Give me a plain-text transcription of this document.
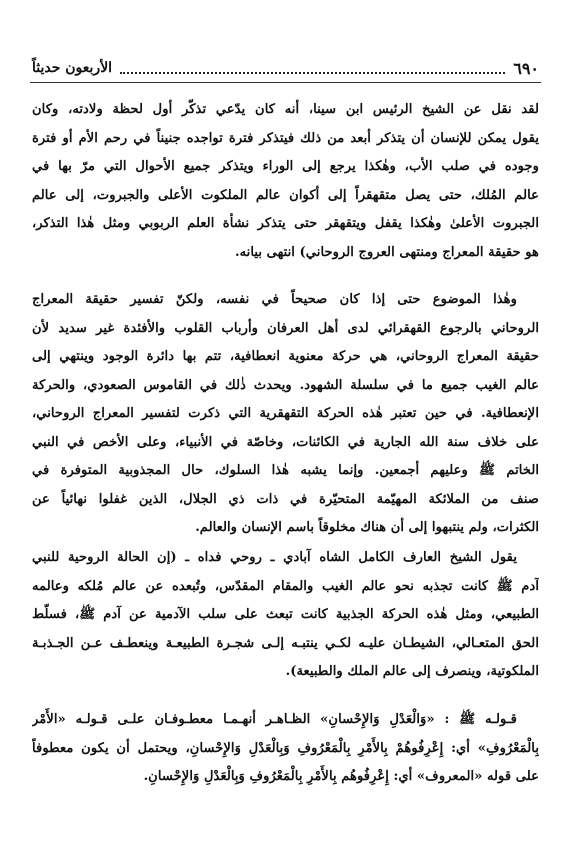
٦٩٠
الأربعون حديثاً
لقد نقل عن الشيخ الرئيس ابن سينا، أنه كان يدّعي تذكّر أول لحظة ولادته، وكان
يقول يمكن للإنسان أن يتذكر أبعد من ذلك فيتذكر فترة تواجده جنيناً في رحم الأم أو فترة
وجوده في صلب الأب، وهٰكذا يرجع إلى الوراء ويتذكر جميع الأحوال التي مرّ بها في
عالم المُلك، حتى يصل متقهقراً إلى أكوان عالم الملكوت الأعلى والجبروت، إلى عالم
الجبروت الأعلىٰ وهٰكذا يقفل ويتقهقر حتى يتذكر نشأة العلم الربوبي ومثل هٰذا التذكر،
هو حقيقة المعراج ومنتهى العروج الروحاني) انتهى بيانه.
وهٰذا الموضوع حتى إذا كان صحيحاً في نفسه، ولكنّ تفسير حقيقة المعراج
الروحاني بالرجوع القهقرائي لدى أهل العرفان وأرباب القلوب والأفئدة غير سديد لأن
حقيقة المعراج الروحاني، هي حركة معنوية انعطافية، تتم بها دائرة الوجود وينتهي إلى
عالم الغيب جميع ما في سلسلة الشهود. ويحدث ذٰلك في القاموس الصعودي، والحركة
الإنعطافية. في حين تعتبر هٰذه الحركة التقهقرية التي ذكرت لتفسير المعراج الروحاني،
على خلاف سنة الله الجارية في الكائنات، وخاصّة في الأنبياء، وعلى الأخص في النبي
الخاتم ﷺ وعليهم أجمعين. وإنما يشبه هٰذا السلوك، حال المجذوبية المتوفرة في
صنف من الملائكة المهيّمة المتحيّرة في ذات ذي الجلال، الذين غفلوا نهائياً عن
الكثرات، ولم ينتبهوا إلى أن هناك مخلوقاً باسم الإنسان والعالم.
يقول الشيخ العارف الكامل الشاه آبادي ـ روحي فداه ـ (إن الحالة الروحية للنبي
آدم ﷺ كانت تجذبه نحو عالم الغيب والمقام المقدّس، وتُبعده عن عالم مُلكه وعالمه
الطبيعي، ومثل هٰذه الحركة الجذبية كانت تبعث على سلب الآدمية عن آدم ﷺ، فسلّط
الحق المتعـالي، الشيطـان عليـه لكـي ينتبـه إلـى شجـرة الطبيعـة وينعطـف عـن الجـذبـة
الملكوتية، وينصرف إلى عالم الملك والطبيعة).
قـولـه ﷺ : «وَالْعَدْلِ وَالإِحْسانِ» الظـاهـر أنهـمـا معطـوفـان علـى قـولـه «الأَمْر
بِالْمَعْرُوفِ» أي: إِعْرِفُوهُمْ بِالأَمْرِ بِالْمَعْرُوفِ وَبِالْعَدْلِ وَالإِحْسانِ، ويحتمل أن يكون معطوفاً
على قوله «المعروف» أي: إِعْرِفُوهُم بِالأَمْرِ بِالْمَعْرُوفِ وَبِالْعَدْلِ وَالإِحْسانِ.
